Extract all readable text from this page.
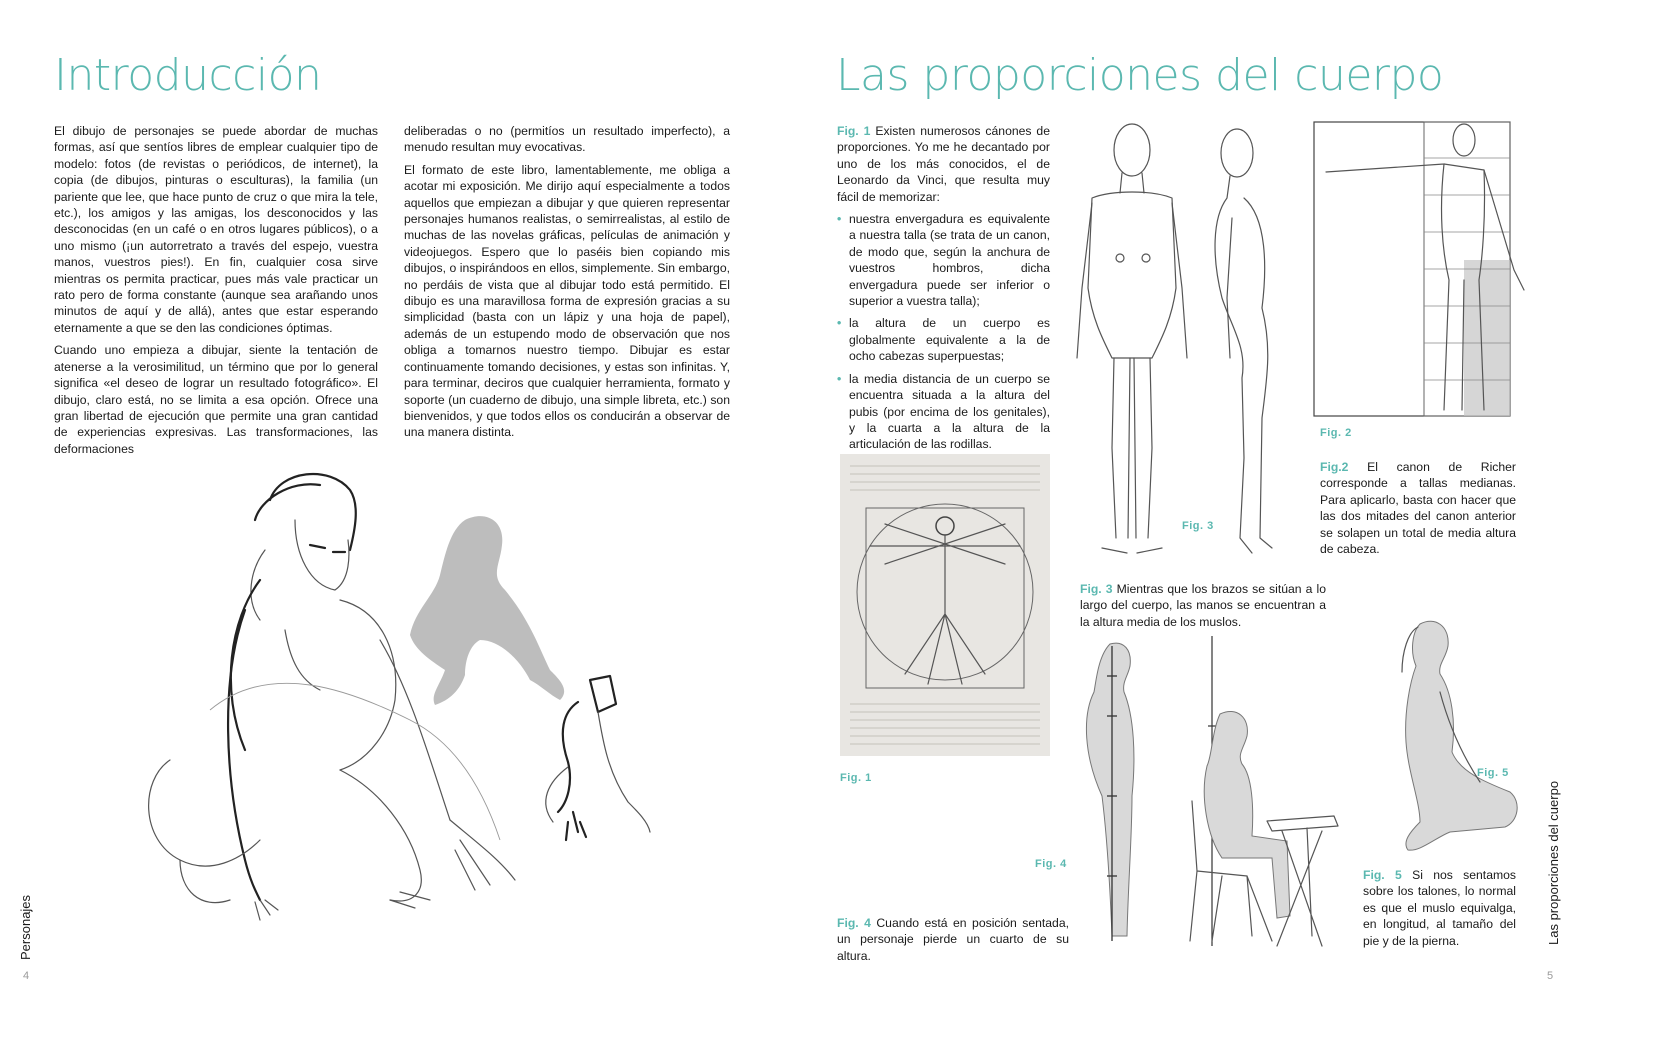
Introducción

El dibujo de personajes se puede abordar de muchas formas, así que sentíos libres de emplear cualquier tipo de modelo: fotos (de revistas o periódicos, de internet), la copia (de dibujos, pinturas o esculturas), la familia (un pariente que lee, que hace punto de cruz o que mira la tele, etc.), los amigos y las amigas, los desconocidos y las desconocidas (en un café o en otros lugares públicos), o a uno mismo (¡un autorretrato a través del espejo, vuestra manos, vuestros pies!). En fin, cualquier cosa sirve mientras os permita practicar, pues más vale practicar un rato pero de forma constante (aunque sea arañando unos minutos de aquí y de allá), antes que estar esperando eternamente a que se den las condiciones óptimas.

Cuando uno empieza a dibujar, siente la tentación de atenerse a la verosimilitud, un término que por lo general significa «el deseo de lograr un resultado fotográfico». El dibujo, claro está, no se limita a esa opción. Ofrece una gran libertad de ejecución que permite una gran cantidad de experiencias expresivas. Las transformaciones, las deformaciones

deliberadas o no (permitíos un resultado imperfecto), a menudo resultan muy evocativas.

El formato de este libro, lamentablemente, me obliga a acotar mi exposición. Me dirijo aquí especialmente a todos aquellos que empiezan a dibujar y que quieren representar personajes humanos realistas, o semirrealistas, al estilo de muchas de las novelas gráficas, películas de animación y videojuegos. Espero que lo paséis bien copiando mis dibujos, o inspirándoos en ellos, simplemente. Sin embargo, no perdáis de vista que al dibujar todo está permitido. El dibujo es una maravillosa forma de expresión gracias a su simplicidad (basta con un lápiz y una hoja de papel), además de un estupendo modo de observación que nos obliga a tomarnos nuestro tiempo. Dibujar es estar continuamente tomando decisiones, y estas son infinitas. Y, para terminar, deciros que cualquier herramienta, formato y soporte (un cuaderno de dibujo, una simple libreta, etc.) son bienvenidos, y que todos ellos os conducirán a observar de una manera distinta.

Personajes
4
Las proporciones del cuerpo

Fig. 1 Existen numerosos cánones de proporciones. Yo me he decantado por uno de los más conocidos, el de Leonardo da Vinci, que resulta muy fácil de memorizar:

• nuestra envergadura es equivalente a nuestra talla (se trata de un canon, de modo que, según la anchura de vuestros hombros, dicha envergadura puede ser inferior o superior a vuestra talla);
• la altura de un cuerpo es globalmente equivalente a la de ocho cabezas superpuestas;
• la media distancia de un cuerpo se encuentra situada a la altura del pubis (por encima de los genitales), y la cuarta a la altura de la articulación de las rodillas.
Fig. 1
Fig. 3
Fig. 2

Fig.2 El canon de Richer corresponde a tallas medianas. Para aplicarlo, basta con hacer que las dos mitades del canon anterior se solapen un total de media altura de cabeza.

Fig. 3 Mientras que los brazos se sitúan a lo largo del cuerpo, las manos se encuentran a la altura media de los muslos.

Fig. 4

Fig. 4 Cuando está en posición sentada, un personaje pierde un cuarto de su altura.

Fig. 5

Fig. 5 Si nos sentamos sobre los talones, lo normal es que el muslo equivalga, en longitud, al tamaño del pie y de la pierna.	Las proporciones del cuerpo
5
